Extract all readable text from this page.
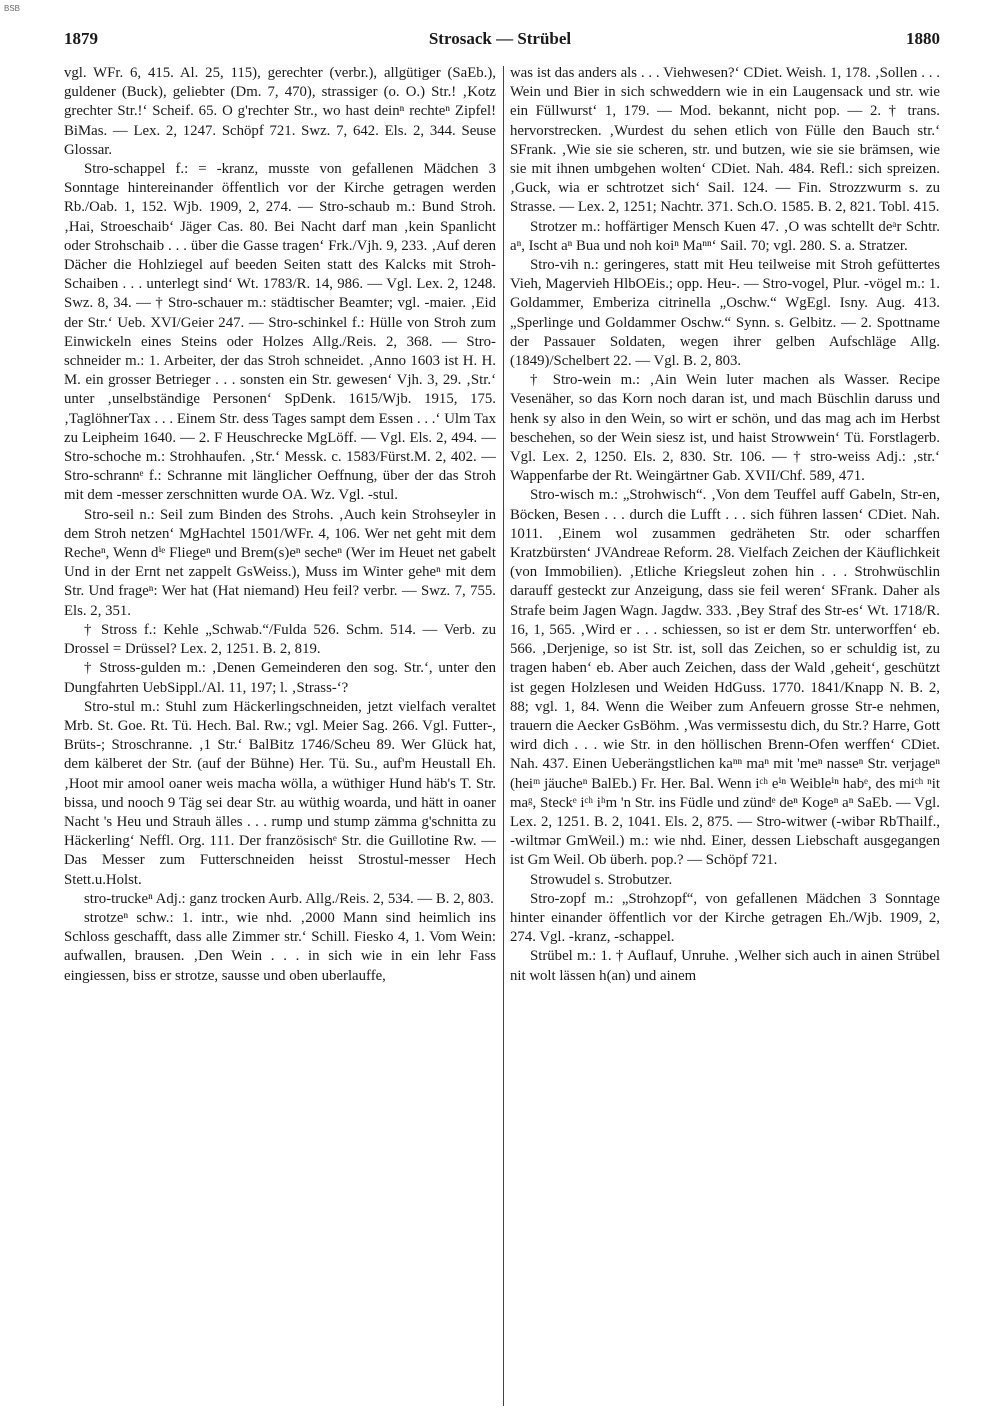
BSB
1879	Strosack — Strübel	1880

vgl. WFr. 6, 415. Al. 25, 115), gerechter (verbr.), allgütiger (SaEb.), guldener (Buck), geliebter (Dm. 7, 470), strassiger (o. O.) Str.! ‚Kotz grechter Str.!‘ Scheif. 65. O g'rechter Str., wo hast deinⁿ rechteⁿ Zipfel! BiMas. — Lex. 2, 1247. Schöpf 721. Swz. 7, 642. Els. 2, 344. Seuse Glossar.

Stro-schappel f.: = -kranz, musste von gefallenen Mädchen 3 Sonntage hintereinander öffentlich vor der Kirche getragen werden Rb./Oab. 1, 152. Wjb. 1909, 2, 274. — Stro-schaub m.: Bund Stroh. ‚Hai, Stroeschaib‘ Jäger Cas. 80. Bei Nacht darf man ‚kein Spanlicht oder Strohschaib . . . über die Gasse tragen‘ Frk./Vjh. 9, 233. ‚Auf deren Dächer die Hohlziegel auf beeden Seiten statt des Kalcks mit Stroh-Schaiben . . . unterlegt sind‘ Wt. 1783/R. 14, 986. — Vgl. Lex. 2, 1248. Swz. 8, 34. — † Stro-schauer m.: städtischer Beamter; vgl. -maier. ‚Eid der Str.‘ Ueb. XVI/Geier 247. — Stro-schinkel f.: Hülle von Stroh zum Einwickeln eines Steins oder Holzes Allg./Reis. 2, 368. — Stro-schneider m.: 1. Arbeiter, der das Stroh schneidet. ‚Anno 1603 ist H. H. M. ein grosser Betrieger . . . sonsten ein Str. gewesen‘ Vjh. 3, 29. ‚Str.‘ unter ‚unselbständige Personen‘ SpDenk. 1615/Wjb. 1915, 175. ‚TaglöhnerTax . . . Einem Str. dess Tages sampt dem Essen . . .‘ Ulm Tax zu Leipheim 1640. — 2. F Heuschrecke MgLöff. — Vgl. Els. 2, 494. — Stro-schoche m.: Strohhaufen. ‚Str.‘ Messk. c. 1583/Fürst.M. 2, 402. — Stro-schrannᵉ f.: Schranne mit länglicher Oeffnung, über der das Stroh mit dem -messer zerschnitten wurde OA. Wz. Vgl. -stul.

Stro-seil n.: Seil zum Binden des Strohs. ‚Auch kein Strohseyler in dem Stroh netzen‘ MgHachtel 1501/WFr. 4, 106. Wer net geht mit dem Recheⁿ, Wenn dⁱᵉ Fliegeⁿ und Brem(s)eⁿ secheⁿ (Wer im Heuet net gabelt Und in der Ernt net zappelt GsWeiss.), Muss im Winter geheⁿ mit dem Str. Und frageⁿ: Wer hat (Hat niemand) Heu feil? verbr. — Swz. 7, 755. Els. 2, 351.

† Stross f.: Kehle „Schwab.“/Fulda 526. Schm. 514. — Verb. zu Drossel = Drüssel? Lex. 2, 1251. B. 2, 819.

† Stross-gulden m.: ‚Denen Gemeinderen den sog. Str.‘, unter den Dungfahrten UebSippl./Al. 11, 197; l. ‚Strass-‘?

Stro-stul m.: Stuhl zum Häckerlingschneiden, jetzt vielfach veraltet Mrb. St. Goe. Rt. Tü. Hech. Bal. Rw.; vgl. Meier Sag. 266. Vgl. Futter-, Brüts-; Stroschranne. ‚1 Str.‘ BalBitz 1746/Scheu 89. Wer Glück hat, dem kälberet der Str. (auf der Bühne) Her. Tü. Su., auf'm Heustall Eh. ‚Hoot mir amool oaner weis macha wölla, a wüthiger Hund häb's T. Str. bissa, und nooch 9 Täg sei dear Str. au wüthig woarda, und hätt in oaner Nacht 's Heu und Strauh älles . . . rump und stump zämma g'schnitta zu Häckerling‘ Neffl. Org. 111. Der französischᵉ Str. die Guillotine Rw. — Das Messer zum Futterschneiden heisst Strostul-messer Hech Stett.u.Holst.

stro-truckeⁿ Adj.: ganz trocken Aurb. Allg./Reis. 2, 534. — B. 2, 803.

strotzeⁿ schw.: 1. intr., wie nhd. ‚2000 Mann sind heimlich ins Schloss geschafft, dass alle Zimmer str.‘ Schill. Fiesko 4, 1. Vom Wein: aufwallen, brausen. ‚Den Wein . . . in sich wie in ein lehr Fass eingiessen, biss er strotze, sausse und oben uberlauffe,

was ist das anders als . . . Viehwesen?‘ CDiet. Weish. 1, 178. ‚Sollen . . . Wein und Bier in sich schweddern wie in ein Laugensack und str. wie ein Füllwurst‘ 1, 179. — Mod. bekannt, nicht pop. — 2. † trans. hervorstrecken. ‚Wurdest du sehen etlich von Fülle den Bauch str.‘ SFrank. ‚Wie sie sie scheren, str. und butzen, wie sie sie brämsen, wie sie mit ihnen umbgehen wolten‘ CDiet. Nah. 484. Refl.: sich spreizen. ‚Guck, wia er schtrotzet sich‘ Sail. 124. — Fin. Strozzwurm s. zu Strasse. — Lex. 2, 1251; Nachtr. 371. Sch.O. 1585. B. 2, 821. Tobl. 415.

Strotzer m.: hoffärtiger Mensch Kuen 47. ‚O was schtellt deᵃr Schtr. aⁿ, Ischt aⁿ Bua und noh koiⁿ Maⁿⁿ‘ Sail. 70; vgl. 280. S. a. Stratzer.

Stro-vih n.: geringeres, statt mit Heu teilweise mit Stroh gefüttertes Vieh, Magervieh HlbOEis.; opp. Heu-. — Stro-vogel, Plur. -vögel m.: 1. Goldammer, Emberiza citrinella „Oschw.“ WgEgl. Isny. Aug. 413. „Sperlinge und Goldammer Oschw.“ Synn. s. Gelbitz. — 2. Spottname der Passauer Soldaten, wegen ihrer gelben Aufschläge Allg. (1849)/Schelbert 22. — Vgl. B. 2, 803.

† Stro-wein m.: ‚Ain Wein luter machen als Wasser. Recipe Vesenäher, so das Korn noch daran ist, und mach Büschlin daruss und henk sy also in den Wein, so wirt er schön, und das mag ach im Herbst beschehen, so der Wein siesz ist, und haist Strowwein‘ Tü. Forstlagerb. Vgl. Lex. 2, 1250. Els. 2, 830. Str. 106. — † stro-weiss Adj.: ‚str.‘ Wappenfarbe der Rt. Weingärtner Gab. XVII/Chf. 589, 471.

Stro-wisch m.: „Strohwisch“. ‚Von dem Teuffel auff Gabeln, Str-en, Böcken, Besen . . . durch die Lufft . . . sich führen lassen‘ CDiet. Nah. 1011. ‚Einem wol zusammen gedräheten Str. oder scharffen Kratzbürsten‘ JVAndreae Reform. 28. Vielfach Zeichen der Käuflichkeit (von Immobilien). ‚Etliche Kriegsleut zohen hin . . . Strohwüschlin darauff gesteckt zur Anzeigung, dass sie feil weren‘ SFrank. Daher als Strafe beim Jagen Wagn. Jagdw. 333. ‚Bey Straf des Str-es‘ Wt. 1718/R. 16, 1, 565. ‚Wird er . . . schiessen, so ist er dem Str. unterworffen‘ eb. 566. ‚Derjenige, so ist Str. ist, soll das Zeichen, so er schuldig ist, zu tragen haben‘ eb. Aber auch Zeichen, dass der Wald ‚geheit‘, geschützt ist gegen Holzlesen und Weiden HdGuss. 1770. 1841/Knapp N. B. 2, 88; vgl. 1, 84. Wenn die Weiber zum Anfeuern grosse Str-e nehmen, trauern die Aecker GsBöhm. ‚Was vermissestu dich, du Str.? Harre, Gott wird dich . . . wie Str. in den höllischen Brenn-Ofen werffen‘ CDiet. Nah. 437. Einen Ueberängstlichen kaⁿⁿ maⁿ mit 'meⁿ nasseⁿ Str. verjageⁿ (heiᵐ jäucheⁿ BalEb.) Fr. Her. Bal. Wenn iᶜʰ eⁱⁿ Weibleⁱⁿ habᵉ, des miᶜʰ ⁿit maᵍ, Steckᵉ iᶜʰ iʰm 'n Str. ins Füdle und zündᵉ deⁿ Kogeⁿ aⁿ SaEb. — Vgl. Lex. 2, 1251. B. 2, 1041. Els. 2, 875. — Stro-witwer (-wibər RbThailf., -wiltmər GmWeil.) m.: wie nhd. Einer, dessen Liebschaft ausgegangen ist Gm Weil. Ob überh. pop.? — Schöpf 721.

Strowudel s. Strobutzer.

Stro-zopf m.: „Strohzopf“, von gefallenen Mädchen 3 Sonntage hinter einander öffentlich vor der Kirche getragen Eh./Wjb. 1909, 2, 274. Vgl. -kranz, -schappel.

Strübel m.: 1. † Auflauf, Unruhe. ‚Welher sich auch in ainen Strübel nit wolt lässen h(an) und ainem
